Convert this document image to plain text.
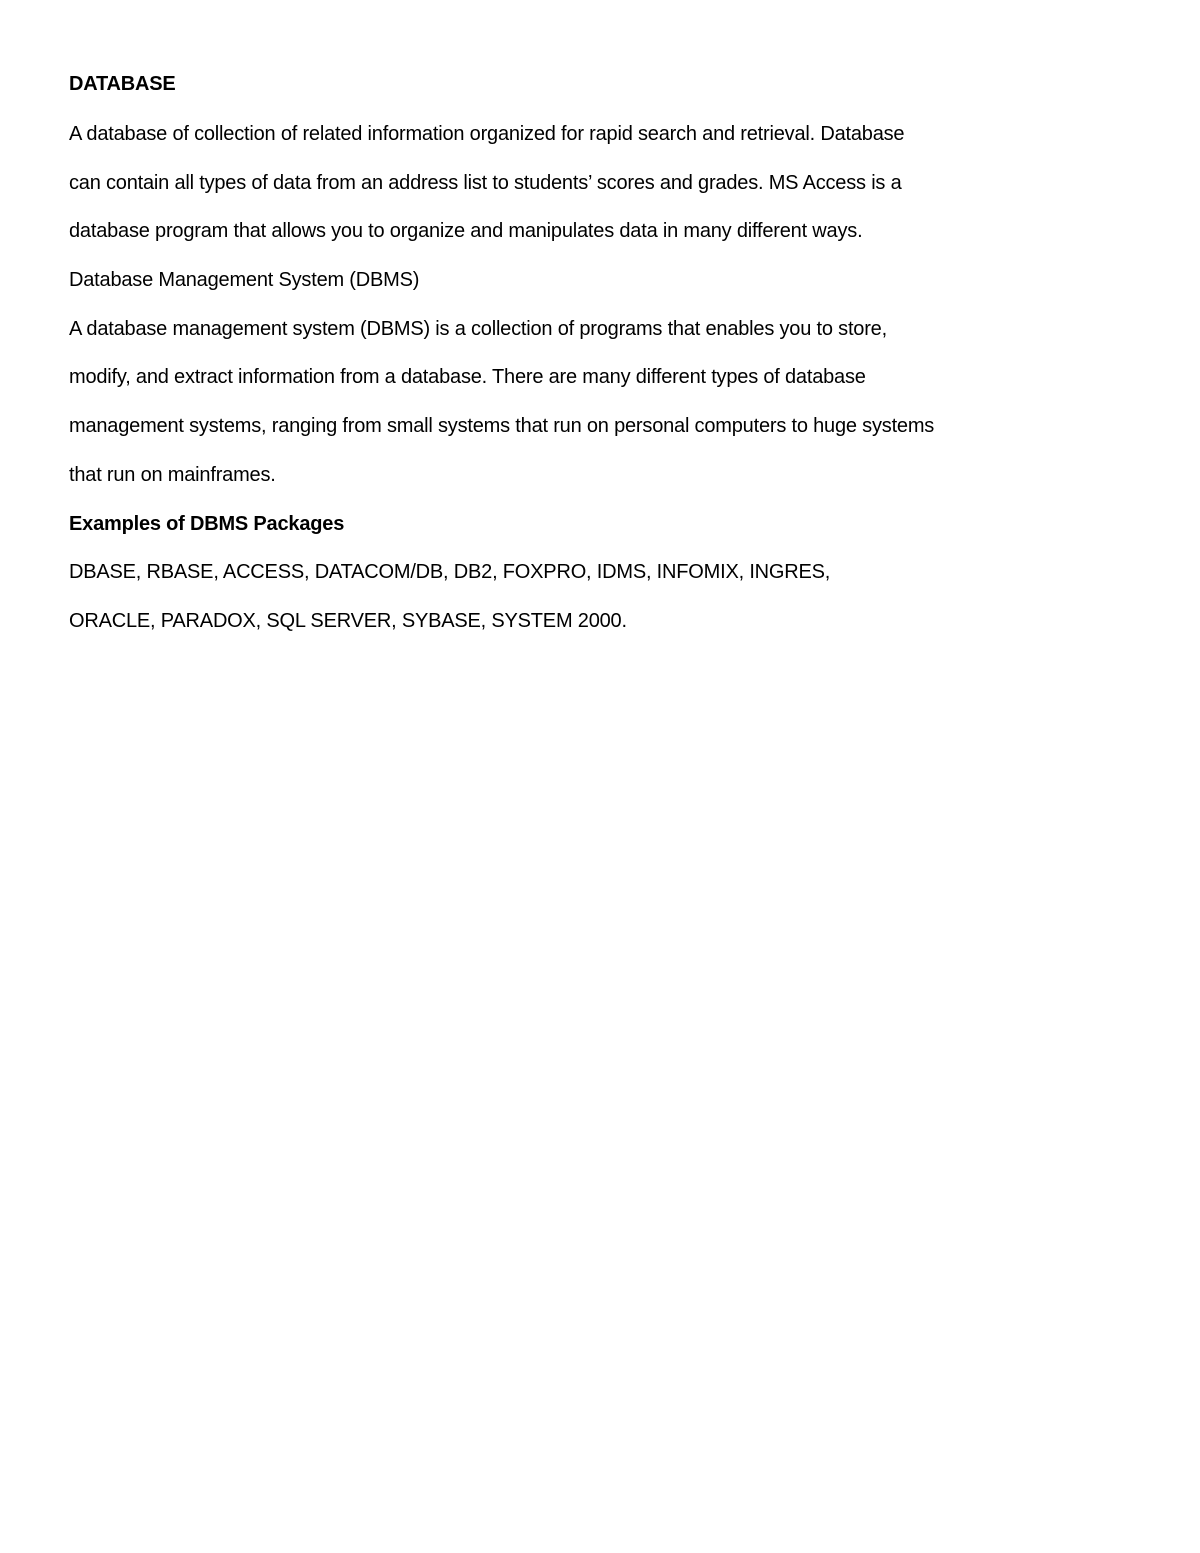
DATABASE
A database of collection of related information organized for rapid search and retrieval. Database
can contain all types of data from an address list to students’ scores and grades. MS Access is a
database program that allows you to organize and manipulates data in many different ways.
Database Management System (DBMS)
A database management system (DBMS) is a collection of programs that enables you to store,
modify, and extract information from a database. There are many different types of database
management systems, ranging from small systems that run on personal computers to huge systems
that run on mainframes.
Examples of DBMS Packages
DBASE, RBASE, ACCESS, DATACOM/DB, DB2, FOXPRO, IDMS, INFOMIX, INGRES,
ORACLE, PARADOX, SQL SERVER, SYBASE, SYSTEM 2000.
